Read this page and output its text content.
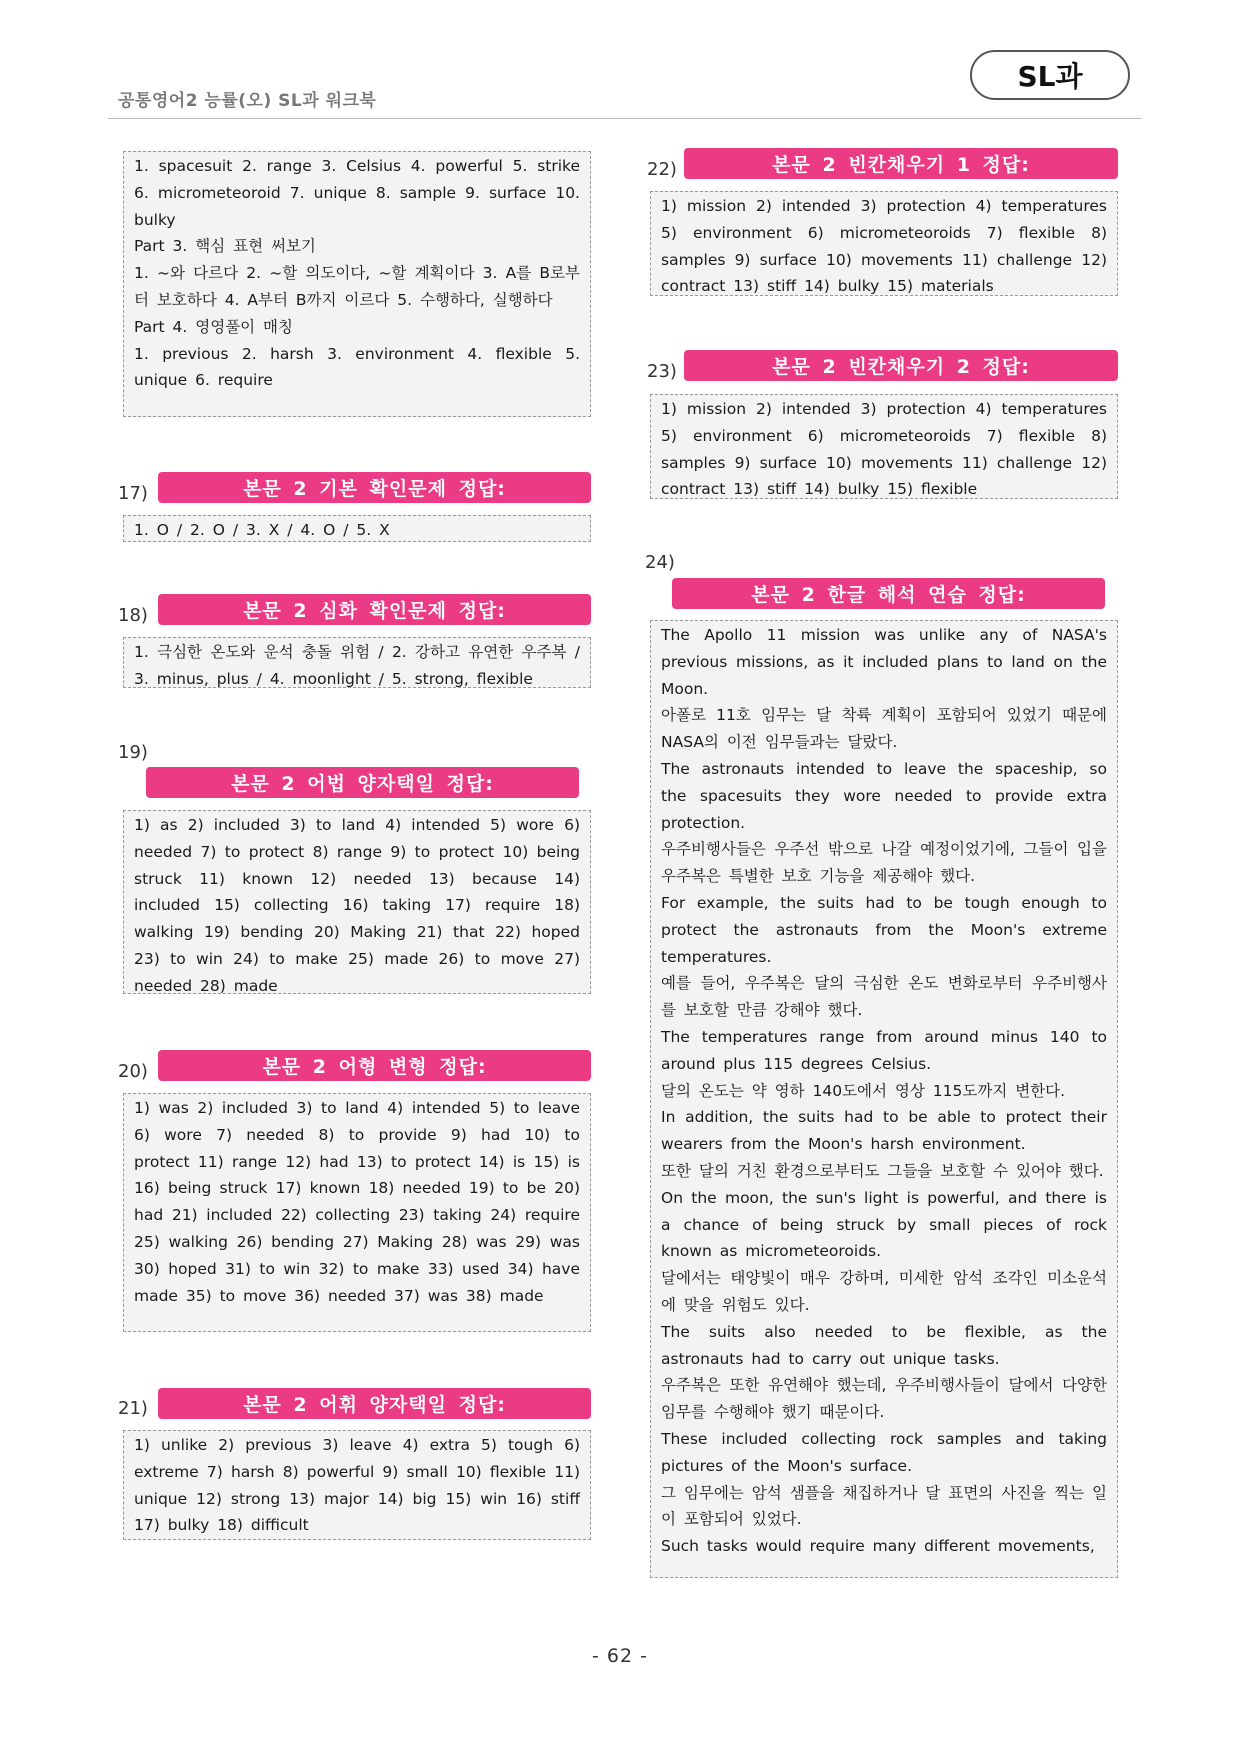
공통영어2 능률(오) SL과 워크북
SL과

1. spacesuit 2. range 3. Celsius 4. powerful 5. strike 6. micrometeoroid 7. unique 8. sample 9. surface 10. bulky

Part 3. 핵심 표현 써보기

1. ~와 다르다 2. ~할 의도이다, ~할 계획이다 3. A를 B로부터 보호하다 4. A부터 B까지 이르다 5. 수행하다, 실행하다

Part 4. 영영풀이 매칭

1. previous 2. harsh 3. environment 4. flexible 5. unique 6. require

17)	본문 2 기본 확인문제 정답:

1. O / 2. O / 3. X / 4. O / 5. X

18)	본문 2 심화 확인문제 정답:

1. 극심한 온도와 운석 충돌 위험 / 2. 강하고 유연한 우주복 / 3. minus, plus / 4. moonlight / 5. strong, flexible

19)
본문 2 어법 양자택일 정답:

1) as 2) included 3) to land 4) intended 5) wore 6) needed 7) to protect 8) range 9) to protect 10) being struck 11) known 12) needed 13) because 14) included 15) collecting 16) taking 17) require 18) walking 19) bending 20) Making 21) that 22) hoped 23) to win 24) to make 25) made 26) to move 27) needed 28) made

20)	본문 2 어형 변형 정답:

1) was 2) included 3) to land 4) intended 5) to leave 6) wore 7) needed 8) to provide 9) had 10) to protect 11) range 12) had 13) to protect 14) is 15) is 16) being struck 17) known 18) needed 19) to be 20) had 21) included 22) collecting 23) taking 24) require 25) walking 26) bending 27) Making 28) was 29) was 30) hoped 31) to win 32) to make 33) used 34) have made 35) to move 36) needed 37) was 38) made

21)	본문 2 어휘 양자택일 정답:

1) unlike 2) previous 3) leave 4) extra 5) tough 6) extreme 7) harsh 8) powerful 9) small 10) flexible 11) unique 12) strong 13) major 14) big 15) win 16) stiff 17) bulky 18) difficult

22)	본문 2 빈칸채우기 1 정답:

1) mission 2) intended 3) protection 4) temperatures 5) environment 6) micrometeoroids 7) flexible 8) samples 9) surface 10) movements 11) challenge 12) contract 13) stiff 14) bulky 15) materials

23)	본문 2 빈칸채우기 2 정답:

1) mission 2) intended 3) protection 4) temperatures 5) environment 6) micrometeoroids 7) flexible 8) samples 9) surface 10) movements 11) challenge 12) contract 13) stiff 14) bulky 15) flexible

24)
본문 2 한글 해석 연습 정답:

The Apollo 11 mission was unlike any of NASA's previous missions, as it included plans to land on the Moon.

아폴로 11호 임무는 달 착륙 계획이 포함되어 있었기 때문에 NASA의 이전 임무들과는 달랐다.

The astronauts intended to leave the spaceship, so the spacesuits they wore needed to provide extra protection.

우주비행사들은 우주선 밖으로 나갈 예정이었기에, 그들이 입을 우주복은 특별한 보호 기능을 제공해야 했다.

For example, the suits had to be tough enough to protect the astronauts from the Moon's extreme temperatures.

예를 들어, 우주복은 달의 극심한 온도 변화로부터 우주비행사를 보호할 만큼 강해야 했다.

The temperatures range from around minus 140 to around plus 115 degrees Celsius.

달의 온도는 약 영하 140도에서 영상 115도까지 변한다.

In addition, the suits had to be able to protect their wearers from the Moon's harsh environment.

또한 달의 거친 환경으로부터도 그들을 보호할 수 있어야 했다.

On the moon, the sun's light is powerful, and there is a chance of being struck by small pieces of rock known as micrometeoroids.

달에서는 태양빛이 매우 강하며, 미세한 암석 조각인 미소운석에 맞을 위험도 있다.

The suits also needed to be flexible, as the astronauts had to carry out unique tasks.

우주복은 또한 유연해야 했는데, 우주비행사들이 달에서 다양한 임무를 수행해야 했기 때문이다.

These included collecting rock samples and taking pictures of the Moon's surface.

그 임무에는 암석 샘플을 채집하거나 달 표면의 사진을 찍는 일이 포함되어 있었다.

Such tasks would require many different movements,

- 62 -
